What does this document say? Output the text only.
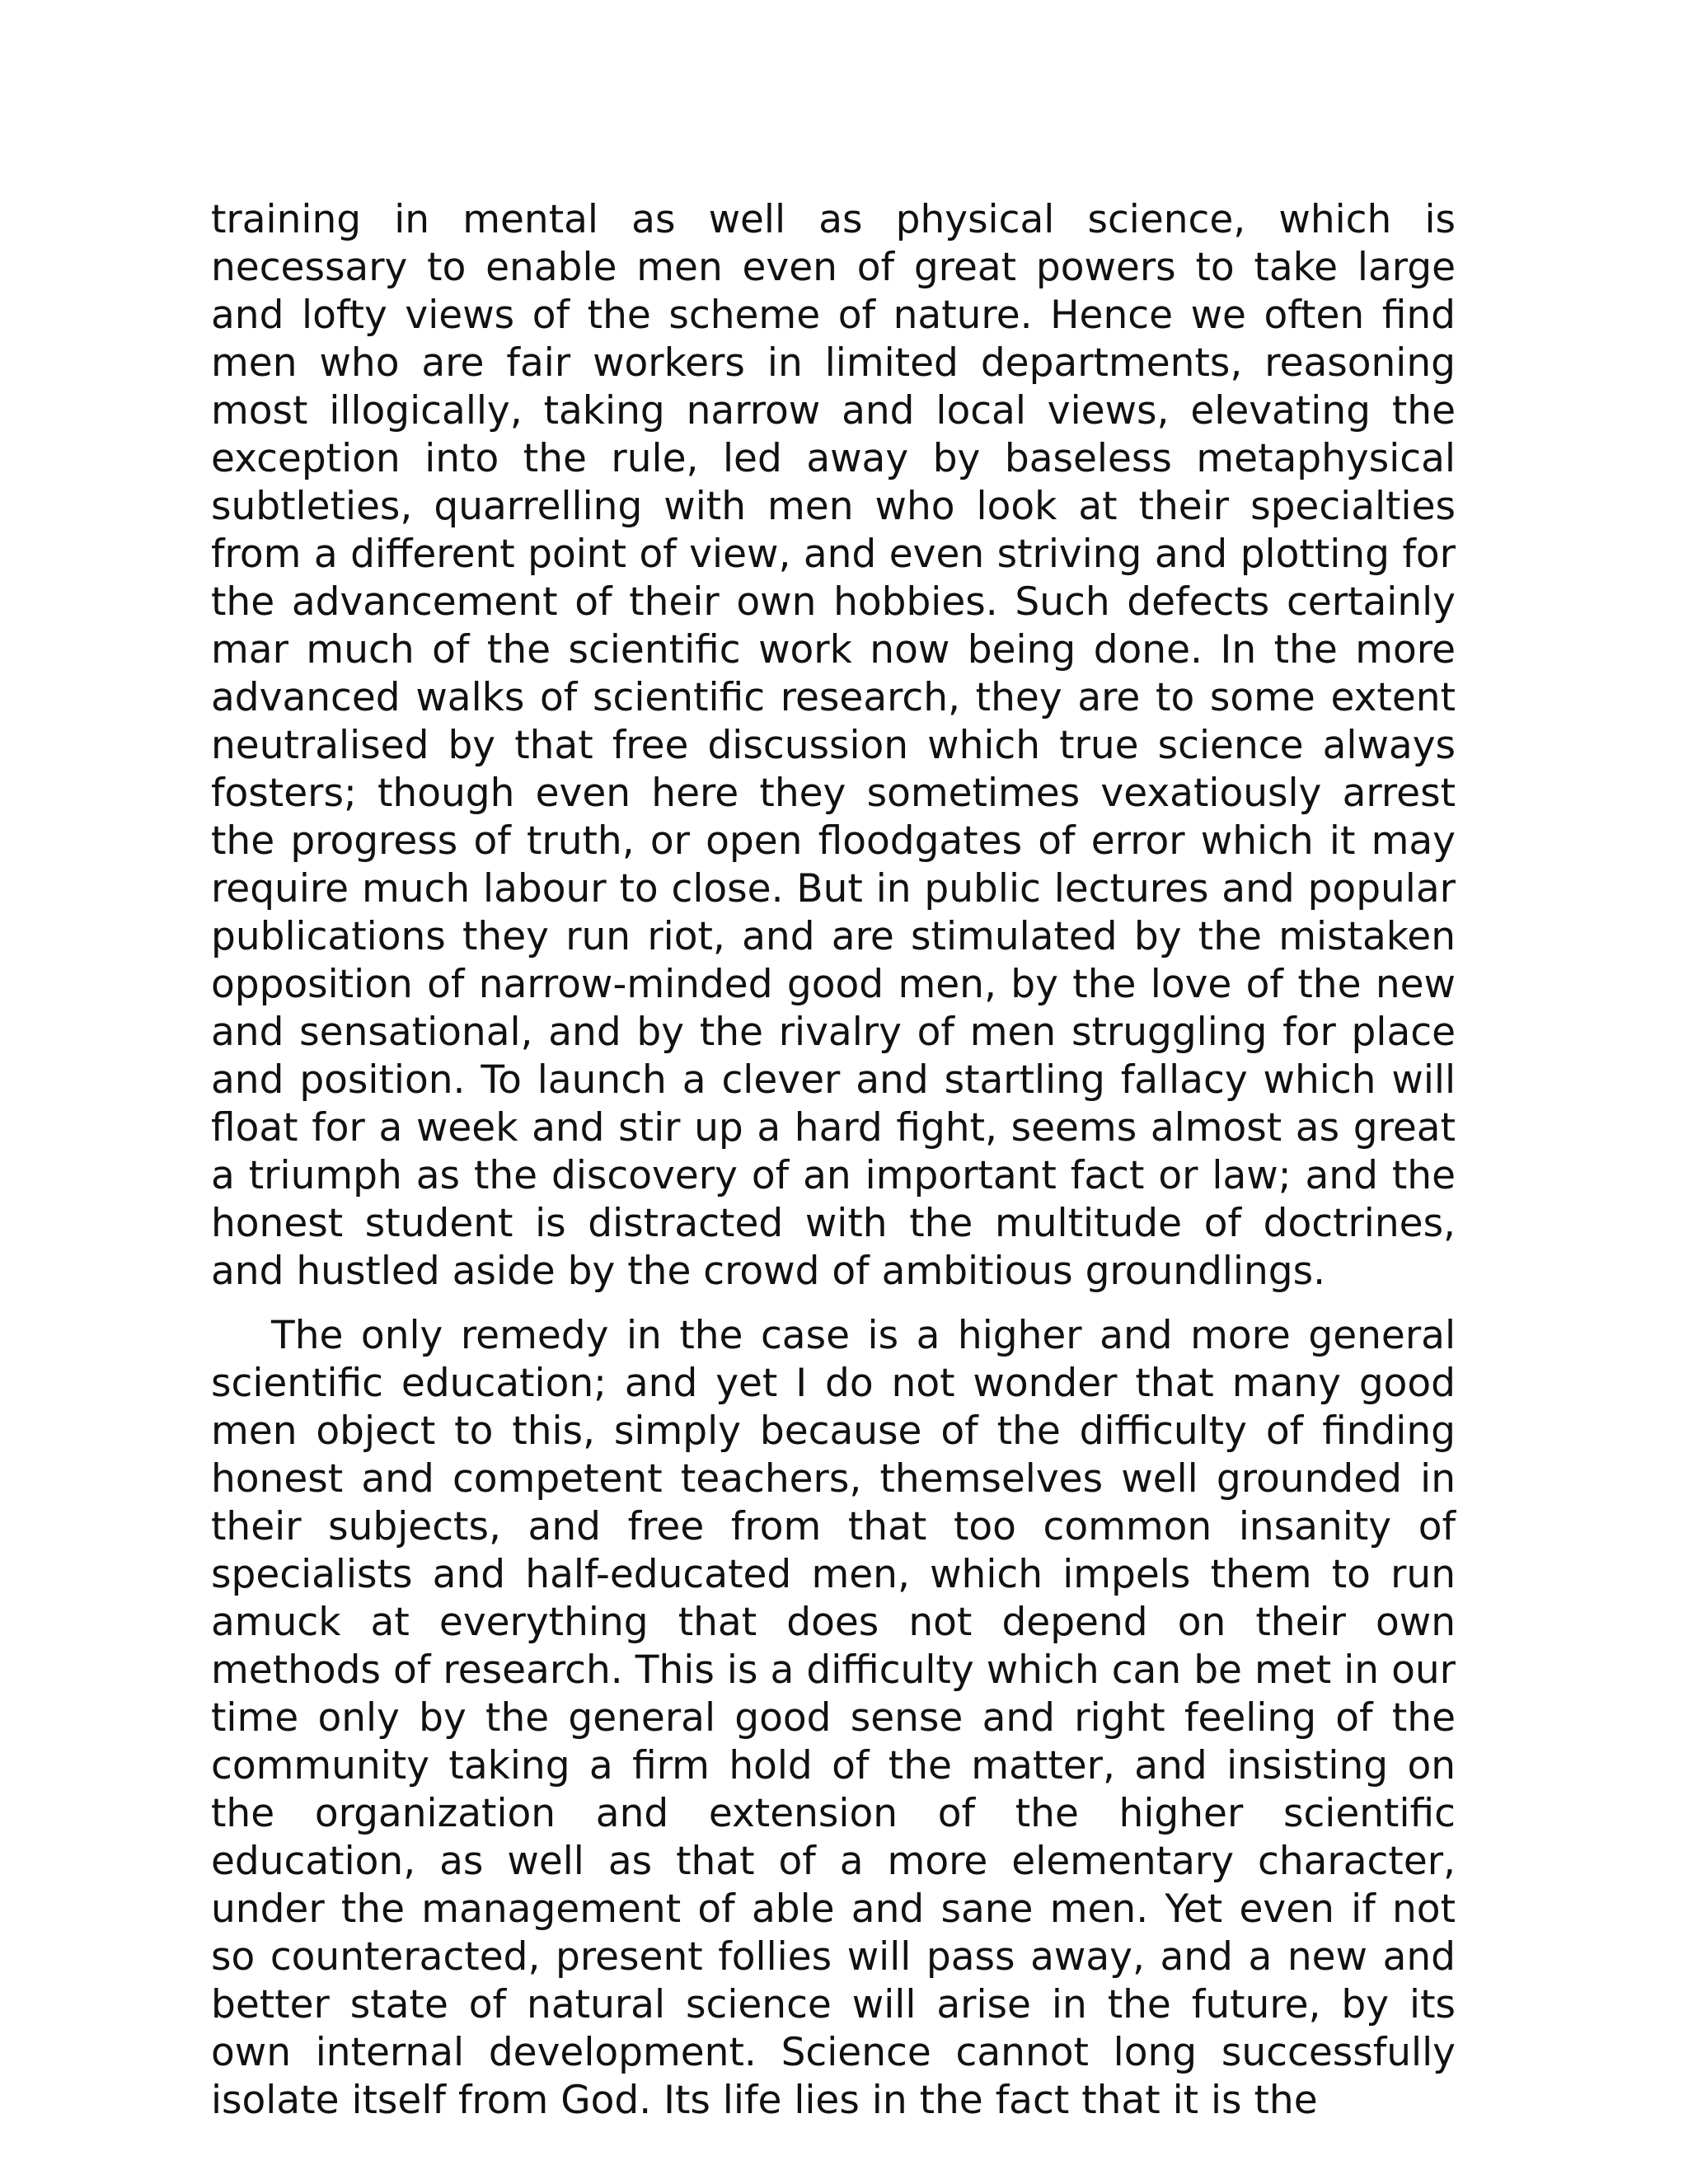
training in mental as well as physical science, which is necessary to enable men even of great powers to take large and lofty views of the scheme of nature. Hence we often find men who are fair workers in limited departments, reasoning most illogically, taking narrow and local views, elevating the exception into the rule, led away by baseless metaphysical subtleties, quarrelling with men who look at their specialties from a different point of view, and even striving and plotting for the advancement of their own hobbies. Such defects certainly mar much of the scientific work now being done. In the more advanced walks of scientific research, they are to some extent neutralised by that free discussion which true science always fosters; though even here they sometimes vexatiously arrest the progress of truth, or open floodgates of error which it may require much labour to close. But in public lectures and popular publications they run riot, and are stimulated by the mistaken opposition of narrow-minded good men, by the love of the new and sensational, and by the rivalry of men struggling for place and position. To launch a clever and startling fallacy which will float for a week and stir up a hard fight, seems almost as great a triumph as the discovery of an important fact or law; and the honest student is distracted with the multitude of doctrines, and hustled aside by the crowd of ambitious groundlings.

The only remedy in the case is a higher and more general scientific education; and yet I do not wonder that many good men object to this, simply because of the difficulty of finding honest and competent teachers, themselves well grounded in their subjects, and free from that too common insanity of specialists and half-educated men, which impels them to run amuck at everything that does not depend on their own methods of research. This is a difficulty which can be met in our time only by the general good sense and right feeling of the community taking a firm hold of the matter, and insisting on the organization and extension of the higher scientific education, as well as that of a more elementary character, under the management of able and sane men. Yet even if not so counteracted, present follies will pass away, and a new and better state of natural science will arise in the future, by its own internal development. Science cannot long successfully isolate itself from God. Its life lies in the fact that it is the
